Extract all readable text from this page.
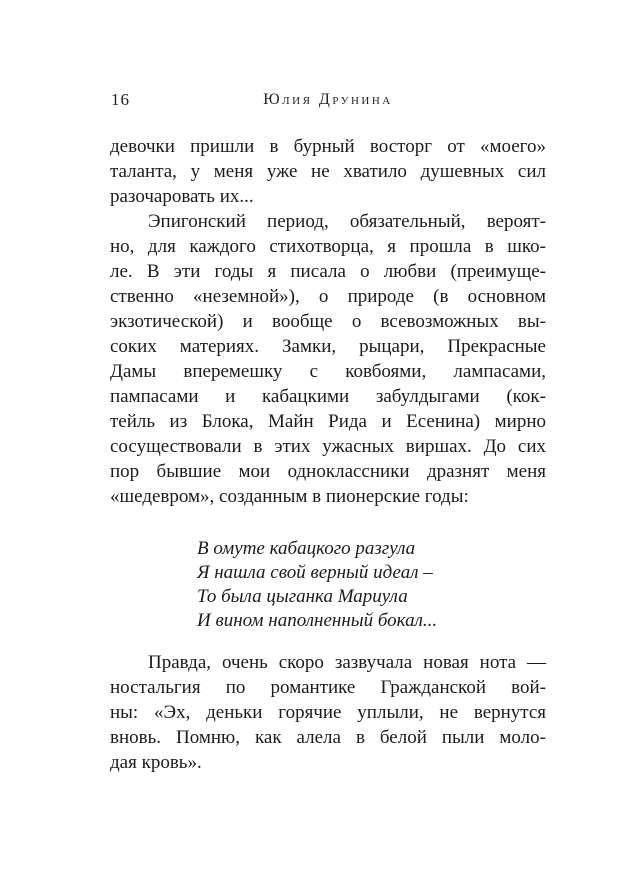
16	Юлия Друнина
девочки пришли в бурный восторг от «моего»
таланта, у меня уже не хватило душевных сил
разочаровать их...
Эпигонский период, обязательный, вероят-
но, для каждого стихотворца, я прошла в шко-
ле. В эти годы я писала о любви (преимуще-
ственно «неземной»), о природе (в основном
экзотической) и вообще о всевозможных вы-
соких материях. Замки, рыцари, Прекрасные
Дамы вперемешку с ковбоями, лампасами,
пампасами и кабацкими забулдыгами (кок-
тейль из Блока, Майн Рида и Есенина) мирно
сосуществовали в этих ужасных виршах. До сих
пор бывшие мои одноклассники дразнят меня
«шедевром», созданным в пионерские годы:
В омуте кабацкого разгула
Я нашла свой верный идеал –
То была цыганка Мариула
И вином наполненный бокал...
Правда, очень скоро зазвучала новая нота —
ностальгия по романтике Гражданской вой-
ны: «Эх, деньки горячие уплыли, не вернутся
вновь. Помню, как алела в белой пыли моло-
дая кровь».
